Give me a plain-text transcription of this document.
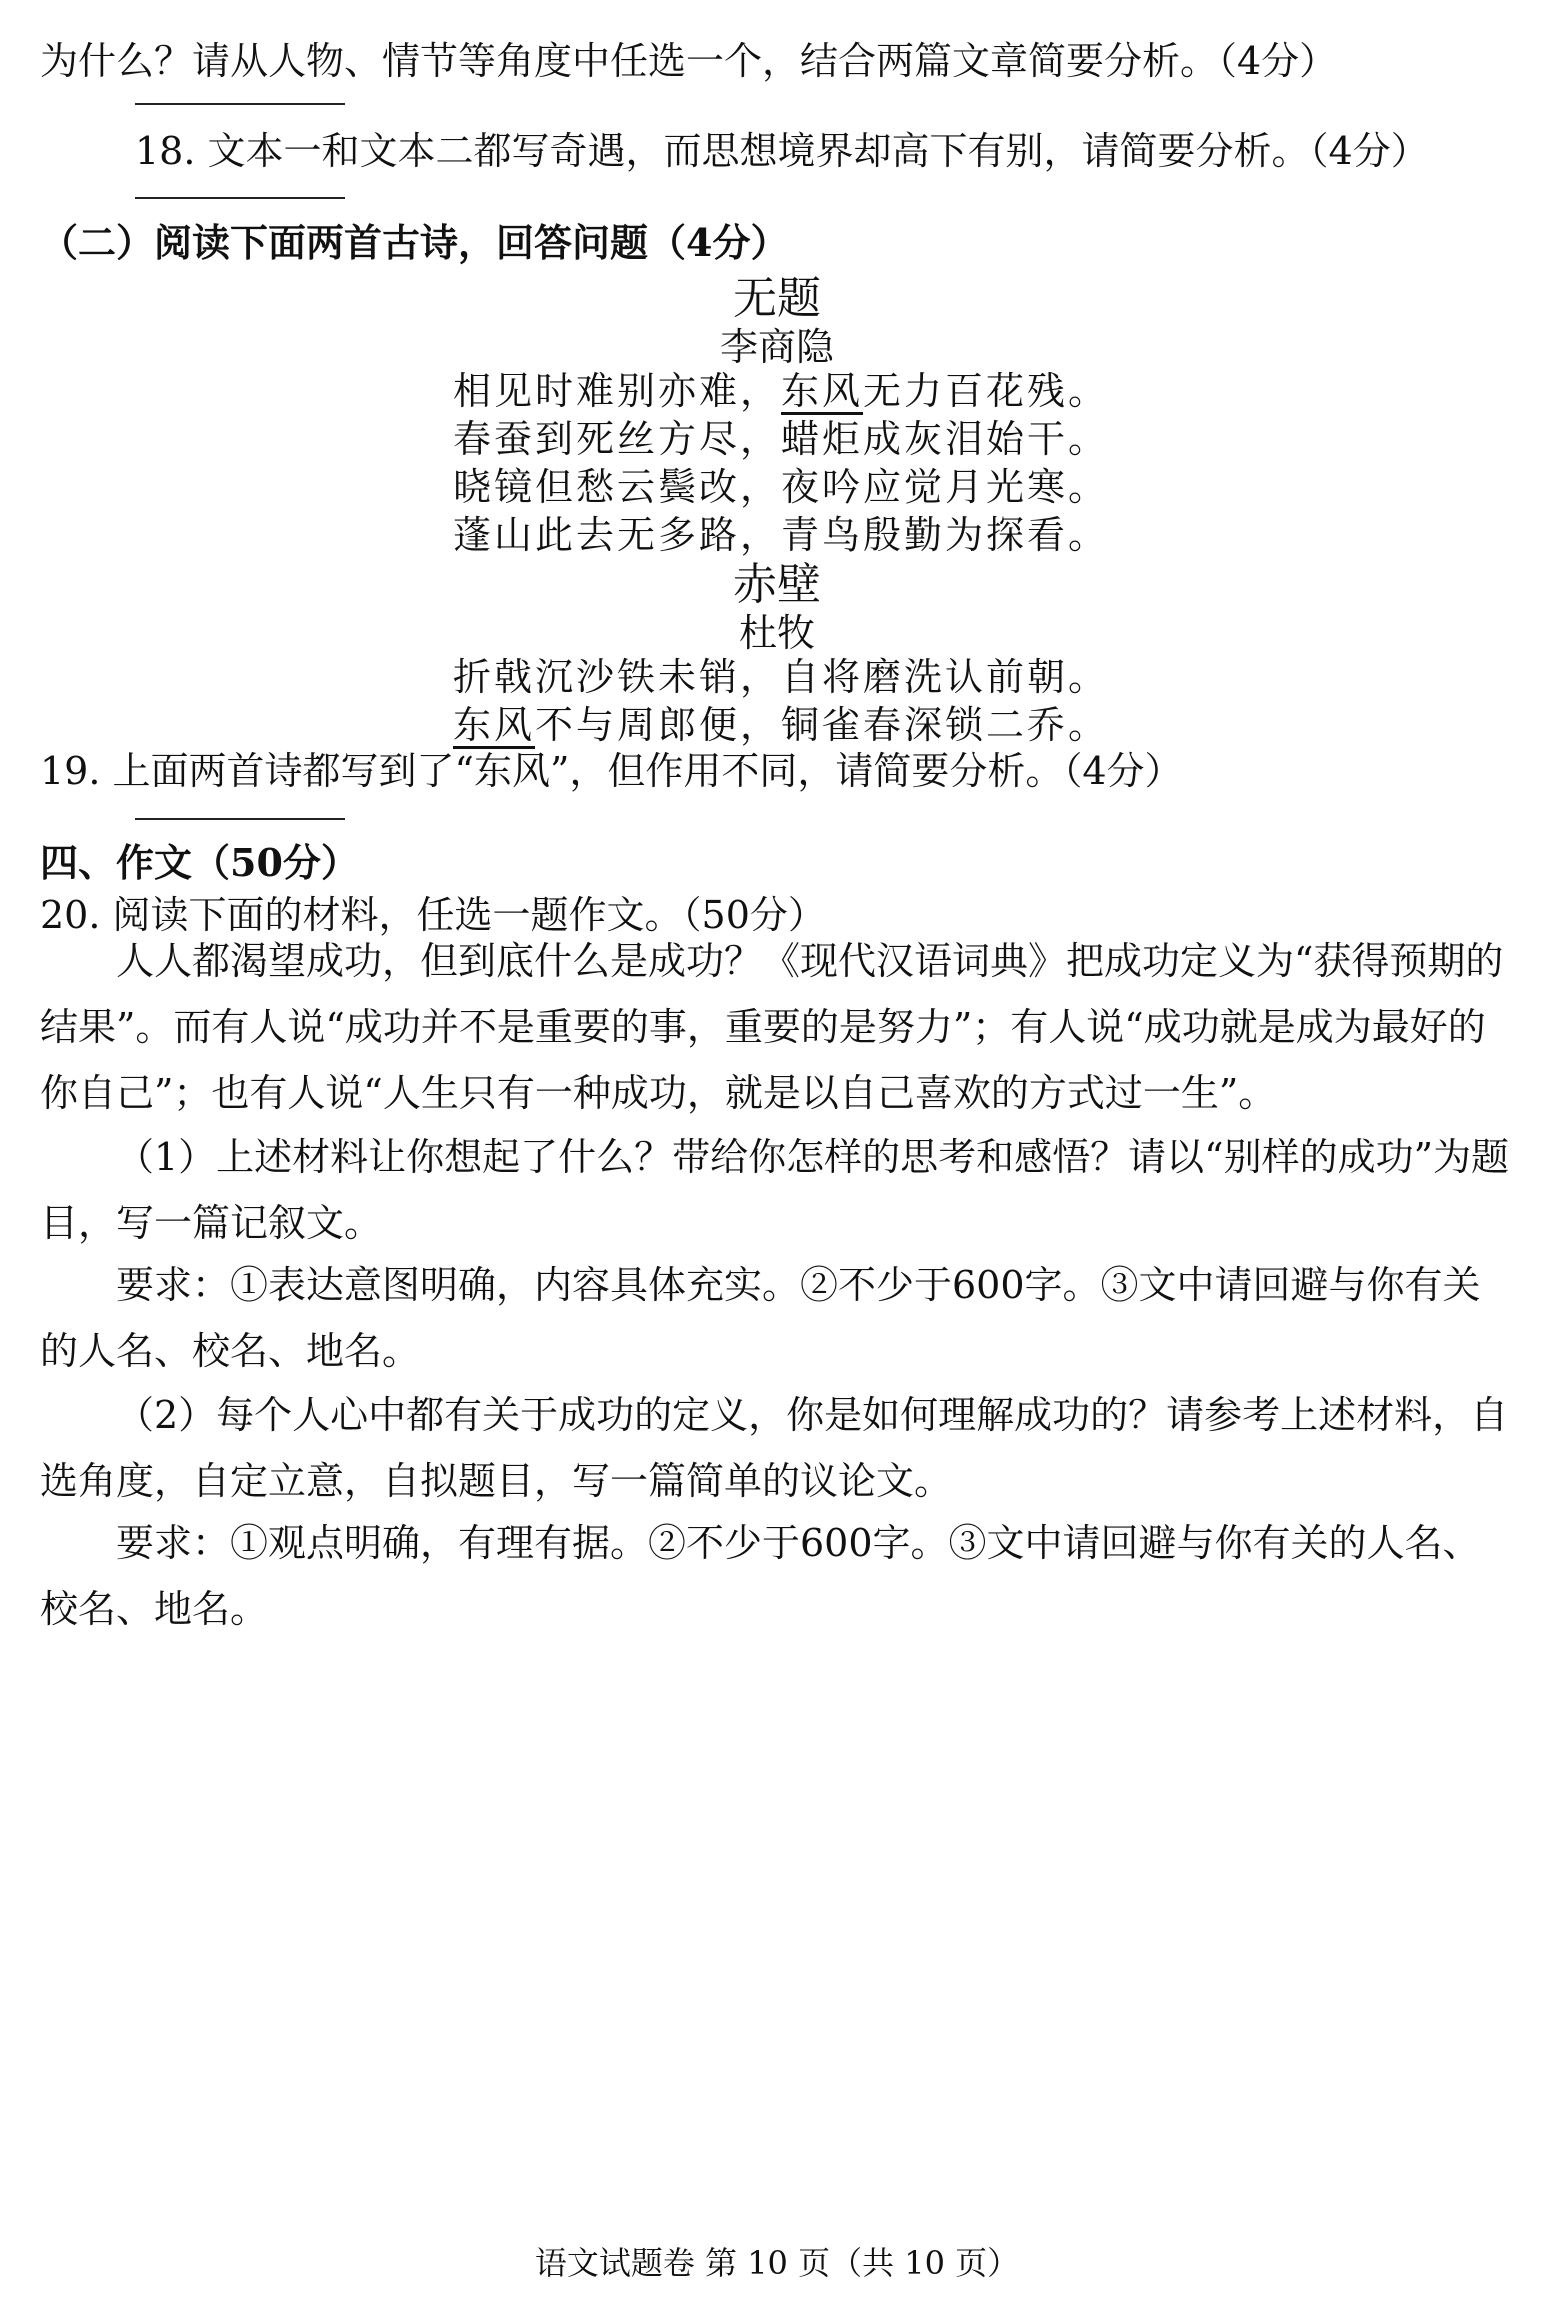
为什么？请从人物、情节等角度中任选一个，结合两篇文章简要分析。（4分）
18. 文本一和文本二都写奇遇，而思想境界却高下有别，请简要分析。（4分）
（二）阅读下面两首古诗，回答问题（4分）
无题
李商隐
相见时难别亦难，东风无力百花残。
春蚕到死丝方尽，蜡炬成灰泪始干。
晓镜但愁云鬓改，夜吟应觉月光寒。
蓬山此去无多路，青鸟殷勤为探看。
赤壁
杜牧
折戟沉沙铁未销，自将磨洗认前朝。
东风不与周郎便，铜雀春深锁二乔。
19. 上面两首诗都写到了“东风”，但作用不同，请简要分析。（4分）
四、作文（50分）
20. 阅读下面的材料，任选一题作文。（50分）
人人都渴望成功，但到底什么是成功？《现代汉语词典》把成功定义为“获得预期的结果”。而有人说“成功并不是重要的事，重要的是努力”；有人说“成功就是成为最好的你自己”；也有人说“人生只有一种成功，就是以自己喜欢的方式过一生”。
（1）上述材料让你想起了什么？带给你怎样的思考和感悟？请以“别样的成功”为题目，写一篇记叙文。
要求：①表达意图明确，内容具体充实。②不少于600字。③文中请回避与你有关的人名、校名、地名。
（2）每个人心中都有关于成功的定义，你是如何理解成功的？请参考上述材料，自选角度，自定立意，自拟题目，写一篇简单的议论文。
要求：①观点明确，有理有据。②不少于600字。③文中请回避与你有关的人名、校名、地名。
语文试题卷 第 10 页（共 10 页）
